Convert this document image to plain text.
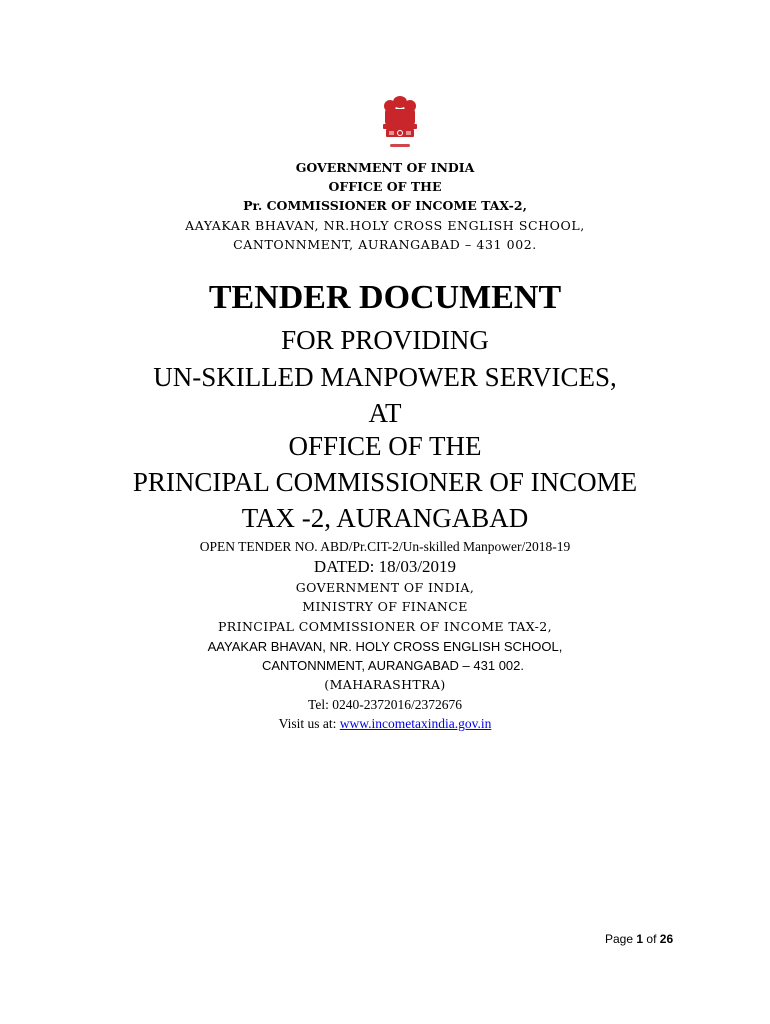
GOVERNMENT OF INDIA
OFFICE OF THE
Pr. COMMISSIONER OF INCOME TAX-2,
AAYAKAR BHAVAN, NR.HOLY CROSS ENGLISH SCHOOL,
CANTONNMENT, AURANGABAD – 431 002.
TENDER DOCUMENT
FOR PROVIDING
UN-SKILLED MANPOWER SERVICES,
AT
OFFICE OF THE
PRINCIPAL COMMISSIONER OF INCOME
TAX -2, AURANGABAD
OPEN TENDER NO. ABD/Pr.CIT-2/Un-skilled Manpower/2018-19
DATED: 18/03/2019
GOVERNMENT OF INDIA,
MINISTRY OF FINANCE
PRINCIPAL COMMISSIONER OF INCOME TAX-2,
AAYAKAR BHAVAN, NR. HOLY CROSS ENGLISH SCHOOL,
CANTONNMENT, AURANGABAD – 431 002.
(MAHARASHTRA)
Tel: 0240-2372016/2372676
Visit us at: www.incometaxindia.gov.in
Page 1 of 26
